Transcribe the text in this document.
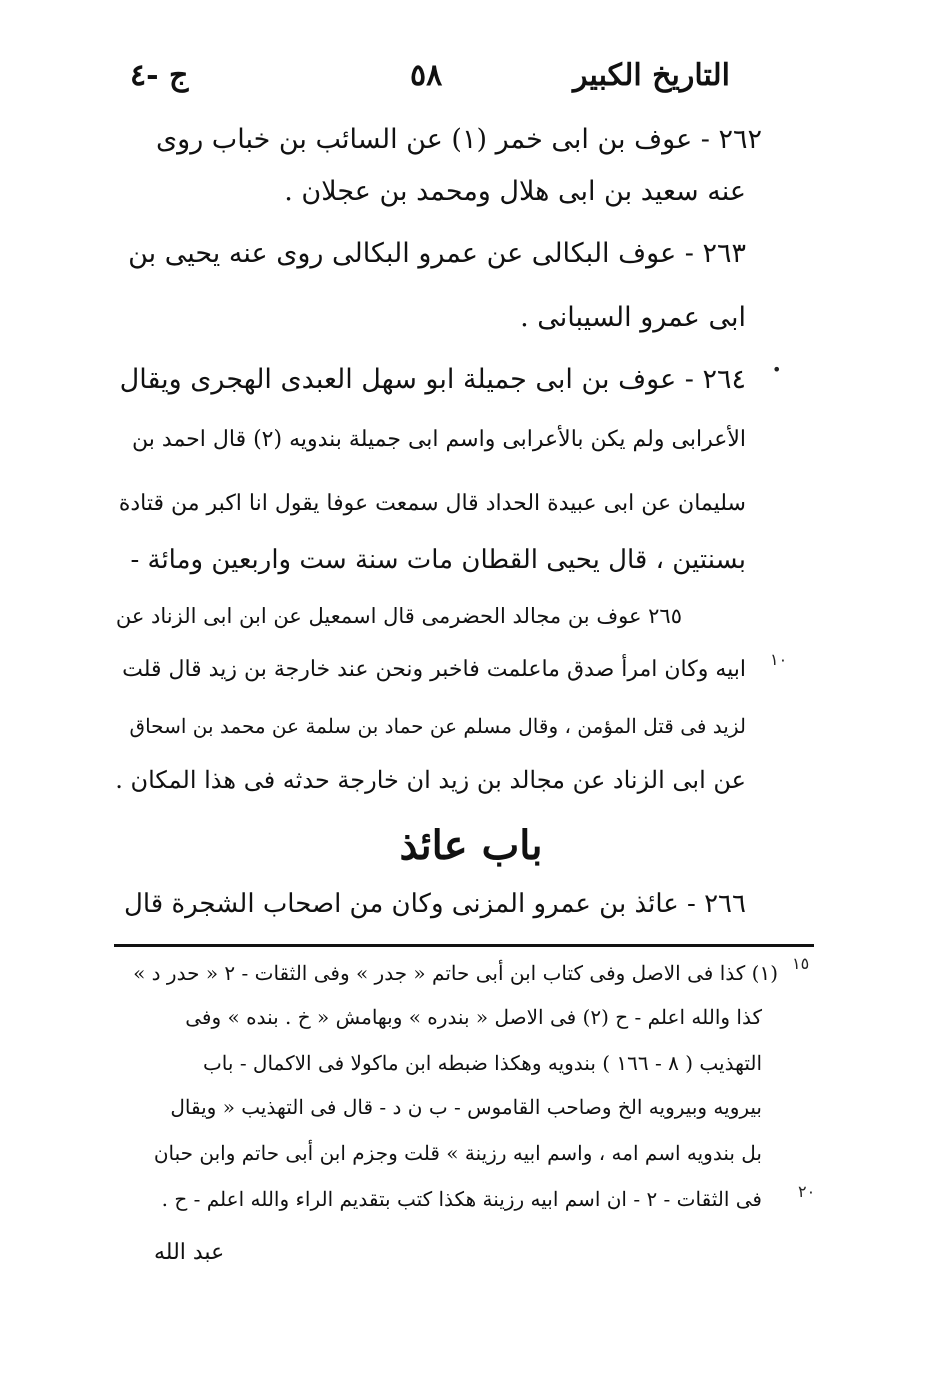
ج -٤	٥٨	التاريخ الكبير
٢٦٢ - عوف بن ابى خمر (١) عن السائب بن خباب روى
عنه سعيد بن ابى هلال ومحمد بن عجلان .
٢٦٣ - عوف البكالى عن عمرو البكالى روى عنه يحيى بن
ابى عمرو السيبانى .
•
٢٦٤ - عوف بن ابى جميلة ابو سهل العبدى الهجرى ويقال
الأعرابى ولم يكن بالأعرابى واسم ابى جميلة بندويه (٢) قال احمد بن
سليمان عن ابى عبيدة الحداد قال سمعت عوفا يقول انا اكبر من قتادة
بسنتين ، قال يحيى القطان مات سنة ست واربعين ومائة -
٢٦٥ عوف بن مجالد الحضرمى قال اسمعيل عن ابن ابى الزناد عن
١٠
ابيه وكان امرأ صدق ماعلمت فاخبر ونحن عند خارجة بن زيد قال قلت
لزيد فى قتل المؤمن ، وقال مسلم عن حماد بن سلمة عن محمد بن اسحاق
عن ابى الزناد عن مجالد بن زيد ان خارجة حدثه فى هذا المكان .
باب عائذ
٢٦٦ - عائذ بن عمرو المزنى وكان من اصحاب الشجرة قال
١٥
(١) كذا فى الاصل وفى كتاب ابن أبى حاتم « جدر » وفى الثقات - ٢ « حدر د »
كذا والله اعلم - ح (٢) فى الاصل « بندره » وبهامش « خ . بنده » وفى
التهذيب ( ٨ - ١٦٦ ) بندويه وهكذا ضبطه ابن ماكولا فى الاكمال - باب
بيرويه وبيرويه الخ وصاحب القاموس - ب ن د - قال فى التهذيب « ويقال
بل بندويه اسم امه ، واسم ابيه رزينة » قلت وجزم ابن أبى حاتم وابن حبان
٢٠
فى الثقات - ٢ - ان اسم ابيه رزينة هكذا كتب بتقديم الراء والله اعلم - ح .
عبد الله
